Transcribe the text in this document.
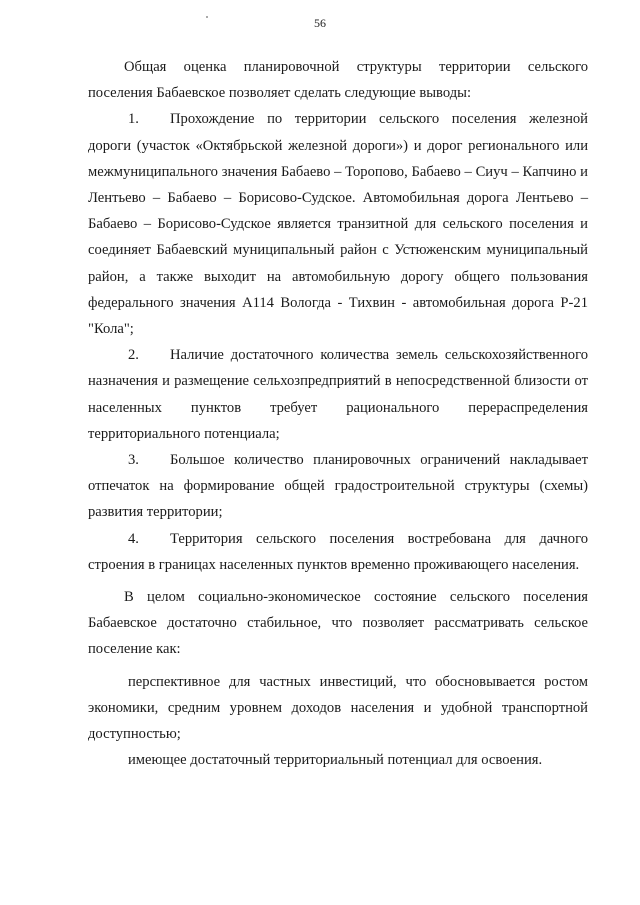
56

Общая оценка планировочной структуры территории сельского поселения Бабаевское позволяет сделать следующие выводы:

1. Прохождение по территории сельского поселения железной дороги (участок «Октябрьской железной дороги») и дорог регионального или межмуниципального значения Бабаево – Торопово, Бабаево – Сиуч – Капчино и Лентьево – Бабаево – Борисово-Судское. Автомобильная дорога Лентьево – Бабаево – Борисово-Судское является транзитной для сельского поселения и соединяет Бабаевский муниципальный район с Устюженским муниципальный район, а также выходит на автомобильную дорогу общего пользования федерального значения А114 Вологда - Тихвин - автомобильная дорога Р-21 "Кола";

2. Наличие достаточного количества земель сельскохозяйственного назначения и размещение сельхозпредприятий в непосредственной близости от населенных пунктов требует рационального перераспределения территориального потенциала;

3. Большое количество планировочных ограничений накладывает отпечаток на формирование общей градостроительной структуры (схемы) развития территории;

4. Территория сельского поселения востребована для дачного строения в границах населенных пунктов временно проживающего населения.

В целом социально-экономическое состояние сельского поселения Бабаевское достаточно стабильное, что позволяет рассматривать сельское поселение как:

перспективное для частных инвестиций, что обосновывается ростом экономики, средним уровнем доходов населения и удобной транспортной доступностью;

имеющее достаточный территориальный потенциал для освоения.
